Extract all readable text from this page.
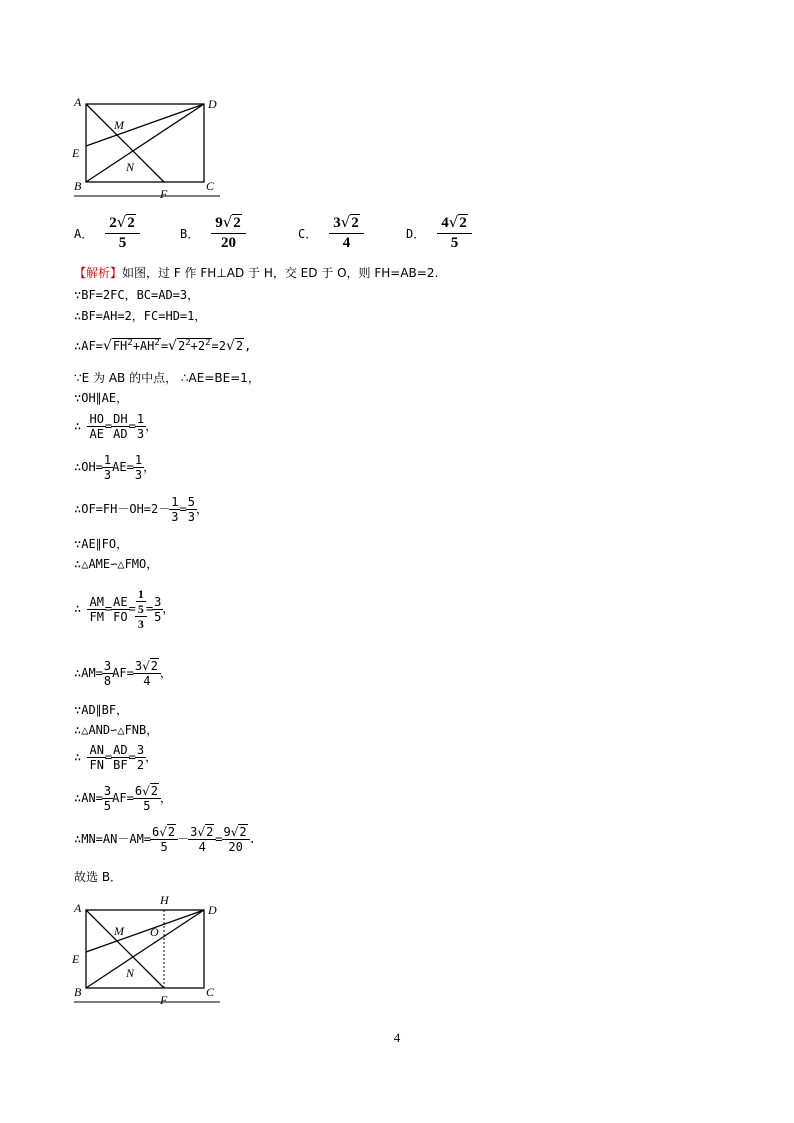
A	D
M
E
N
B
F
C
A．
2√2
5
B．
9√2
20
C．
3√2
4
D．
4√2
5
【解析】如图，过 F 作 FH⊥AD 于 H，交 ED 于 O，则 FH=AB=2.
∵BF=2FC，BC=AD=3，
∴BF=AH=2，FC=HD=1，
$\therefore AF=√FH^2+AH^2=√2^2+2^2=2√2$,
∵E 为 AB 的中点， ∴AE=BE=1，
∵OH∥AE，
∴ $\frac{HO}{AE} = \frac{DH}{AD} = \frac{1}{3}$ ，
∴OH= $\frac{1}{3} AE= \frac{1}{3}$ ，
∴OF=FH－OH=2－ $\frac{1}{3} = \frac{5}{3}$ ，
∵AE∥FO，
∴△AME∽△FMO，
∴ $\frac{AM}{FM} = \frac{AE}{FO} = \frac{\frac{1}{5}}{3} = \frac{3}{5}$ ，
∴AM= $\frac{3}{8} AF= \frac{3√2}{4}$ ，
∵AD∥BF，
∴△AND∽△FNB，
∴ $\frac{AN}{FN} = \frac{AD}{BF} = \frac{3}{2}$ ，
∴AN= $\frac{3}{5} AF= \frac{6√2}{5}$ ，
∴MN=AN－AM= $\frac{6√2}{5} - \frac{3√2}{4} = \frac{9√2}{20}$ .
故选 B．
A
H
D
M O
E
N
B
F
C
4
